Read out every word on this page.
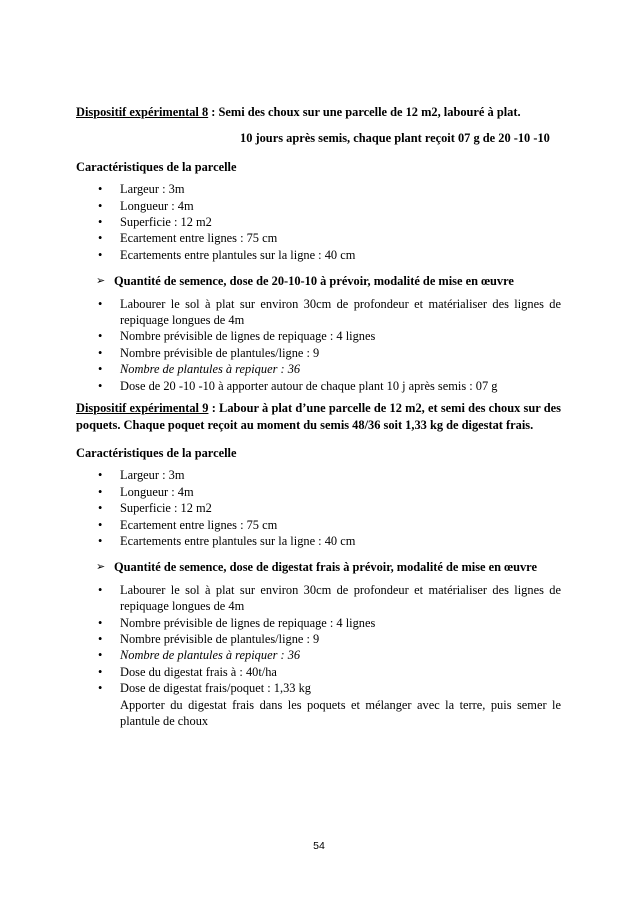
Dispositif expérimental 8 : Semi des choux sur une parcelle de 12 m2, labouré à plat.

10 jours après semis, chaque plant reçoit 07 g de 20 -10 -10

Caractéristiques de la parcelle

• Largeur : 3m
• Longueur : 4m
• Superficie : 12 m2
• Ecartement entre lignes : 75 cm
• Ecartements entre plantules sur la ligne : 40 cm

➢ Quantité de semence, dose de 20-10-10 à prévoir, modalité de mise en œuvre

• Labourer le sol à plat sur environ 30cm de profondeur et matérialiser des lignes de repiquage longues de 4m
• Nombre prévisible de lignes de repiquage : 4 lignes
• Nombre prévisible de plantules/ligne : 9
• Nombre de plantules à repiquer : 36
• Dose de 20 -10 -10 à apporter autour de chaque plant 10 j après semis : 07 g

Dispositif expérimental 9 : Labour à plat d’une parcelle de 12 m2, et semi des choux sur des poquets. Chaque poquet reçoit au moment du semis 48/36 soit 1,33 kg de digestat frais.

Caractéristiques de la parcelle

• Largeur : 3m
• Longueur : 4m
• Superficie : 12 m2
• Ecartement entre lignes : 75 cm
• Ecartements entre plantules sur la ligne : 40 cm

➢ Quantité de semence, dose de digestat frais à prévoir, modalité de mise en œuvre

• Labourer le sol à plat sur environ 30cm de profondeur et matérialiser des lignes de repiquage longues de 4m
• Nombre prévisible de lignes de repiquage : 4 lignes
• Nombre prévisible de plantules/ligne : 9
• Nombre de plantules à repiquer : 36
• Dose du digestat frais à : 40t/ha
• Dose de digestat frais/poquet : 1,33 kg

Apporter du digestat frais dans les poquets et mélanger avec la terre, puis semer le plantule de choux

54
